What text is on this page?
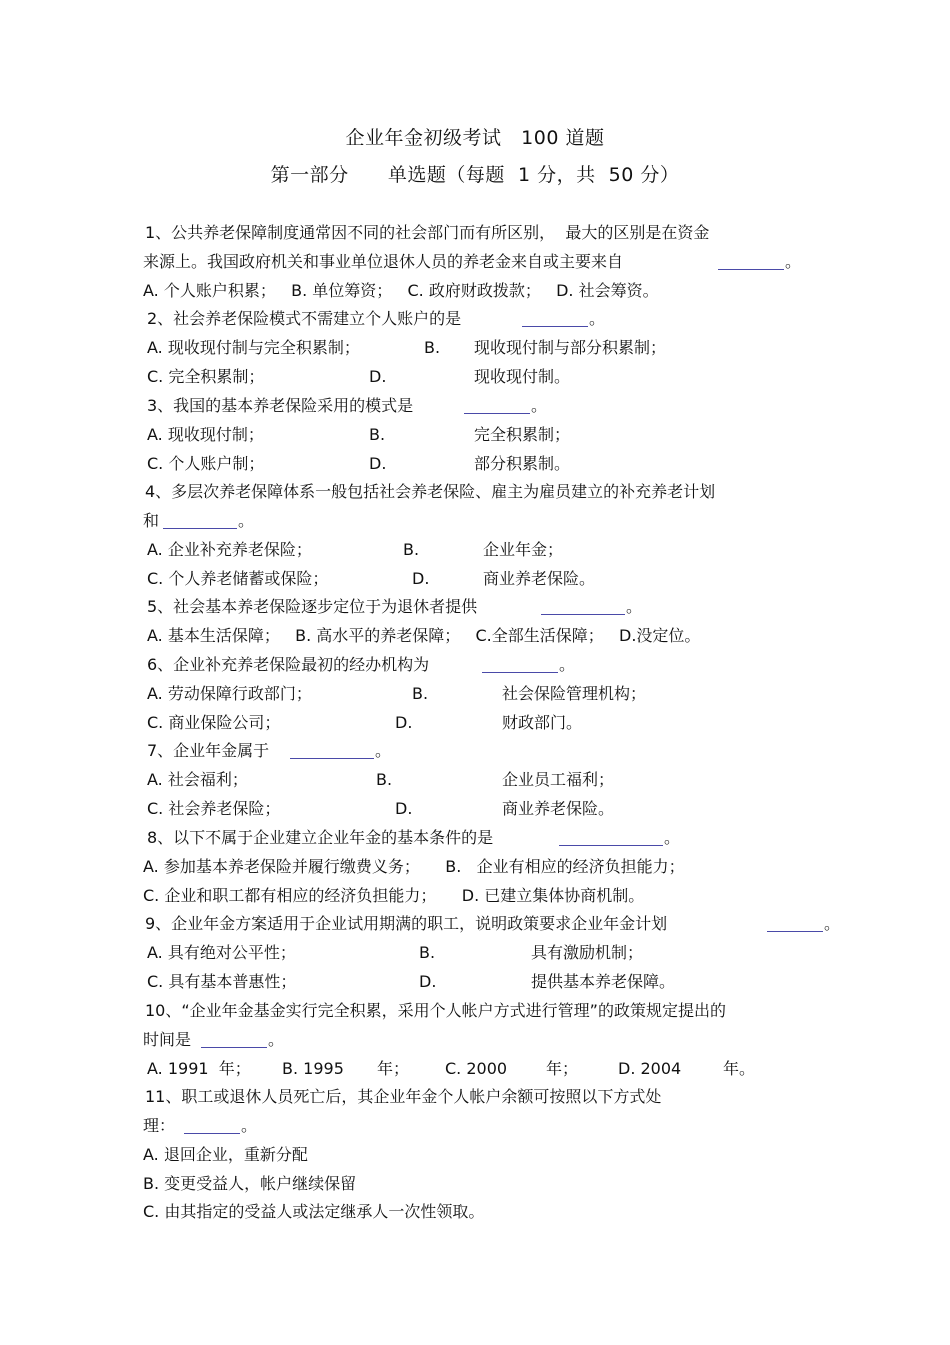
企业年金初级考试   100 道题
第一部分      单选题（每题  1 分，共  50 分）
1、公共养老保障制度通常因不同的社会部门而有所区别，  最大的区别是在资金
来源上。我国政府机关和事业单位退休人员的养老金来自或主要来自	。
A. 个人账户积累；   B. 单位筹资；   C. 政府财政拨款；   D. 社会筹资。
2、社会养老保险模式不需建立个人账户的是	。
A. 现收现付制与完全积累制；	B. 现收现付制与部分积累制；
C. 完全积累制；	D.	现收现付制。
3、我国的基本养老保险采用的模式是	。
A. 现收现付制；	B.	完全积累制；
C. 个人账户制；	D.	部分积累制。
4、多层次养老保障体系一般包括社会养老保险、雇主为雇员建立的补充养老计划
和	。
A. 企业补充养老保险；	B.	企业年金；
C. 个人养老储蓄或保险；	D.	商业养老保险。
5、社会基本养老保险逐步定位于为退休者提供	。
A. 基本生活保障；   B. 高水平的养老保障；   C.全部生活保障；   D.没定位。
6、企业补充养老保险最初的经办机构为	。
A. 劳动保障行政部门；	B.	社会保险管理机构；
C. 商业保险公司；	D.	财政部门。
7、企业年金属于	。
A. 社会福利；	B.	企业员工福利；
C. 社会养老保险；	D.	商业养老保险。
8、以下不属于企业建立企业年金的基本条件的是	。
A. 参加基本养老保险并履行缴费义务；     B.   企业有相应的经济负担能力；
C. 企业和职工都有相应的经济负担能力；     D. 已建立集体协商机制。
9、企业年金方案适用于企业试用期满的职工，说明政策要求企业年金计划	。
A. 具有绝对公平性；	B.	具有激励机制；
C. 具有基本普惠性；	D.	提供基本养老保障。
10、“企业年金基金实行完全积累，采用个人帐户方式进行管理”的政策规定提出的
时间是	。
A. 1991  年； B. 1995 年； C. 2000 年； D. 2004	年。
11、职工或退休人员死亡后，其企业年金个人帐户余额可按照以下方式处
理：	。
A. 退回企业，重新分配
B. 变更受益人，帐户继续保留
C. 由其指定的受益人或法定继承人一次性领取。
